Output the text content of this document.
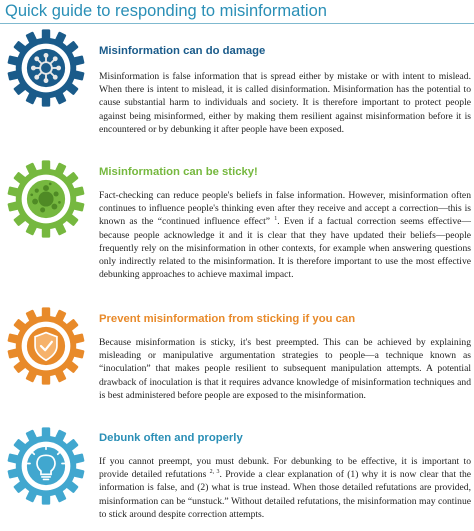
Quick guide to responding to misinformation
Misinformation can do damage

Misinformation is false information that is spread either by mistake or with intent to mislead. When there is intent to mislead, it is called disinformation. Misinformation has the potential to cause substantial harm to individuals and society. It is therefore important to protect people against being misinformed, either by making them resilient against misinformation before it is encountered or by debunking it after people have been exposed.

Misinformation can be sticky!

Fact-checking can reduce people's beliefs in false information. However, misinformation often continues to influence people's thinking even after they receive and accept a correction—this is known as the “continued influence effect” $^1$. Even if a factual correction seems effective—because people acknowledge it and it is clear that they have updated their beliefs—people frequently rely on the misinformation in other contexts, for example when answering questions only indirectly related to the misinformation. It is therefore important to use the most effective debunking approaches to achieve maximal impact.

Prevent misinformation from sticking if you can

Because misinformation is sticky, it's best preempted. This can be achieved by explaining misleading or manipulative argumentation strategies to people—a technique known as “inoculation” that makes people resilient to subsequent manipulation attempts. A potential drawback of inoculation is that it requires advance knowledge of misinformation techniques and is best administered before people are exposed to the misinformation.

Debunk often and properly

If you cannot preempt, you must debunk. For debunking to be effective, it is important to provide detailed refutations $^{2, 3}$. Provide a clear explanation of (1) why it is now clear that the information is false, and (2) what is true instead. When those detailed refutations are provided, misinformation can be “unstuck.” Without detailed refutations, the misinformation may continue to stick around despite correction attempts.
